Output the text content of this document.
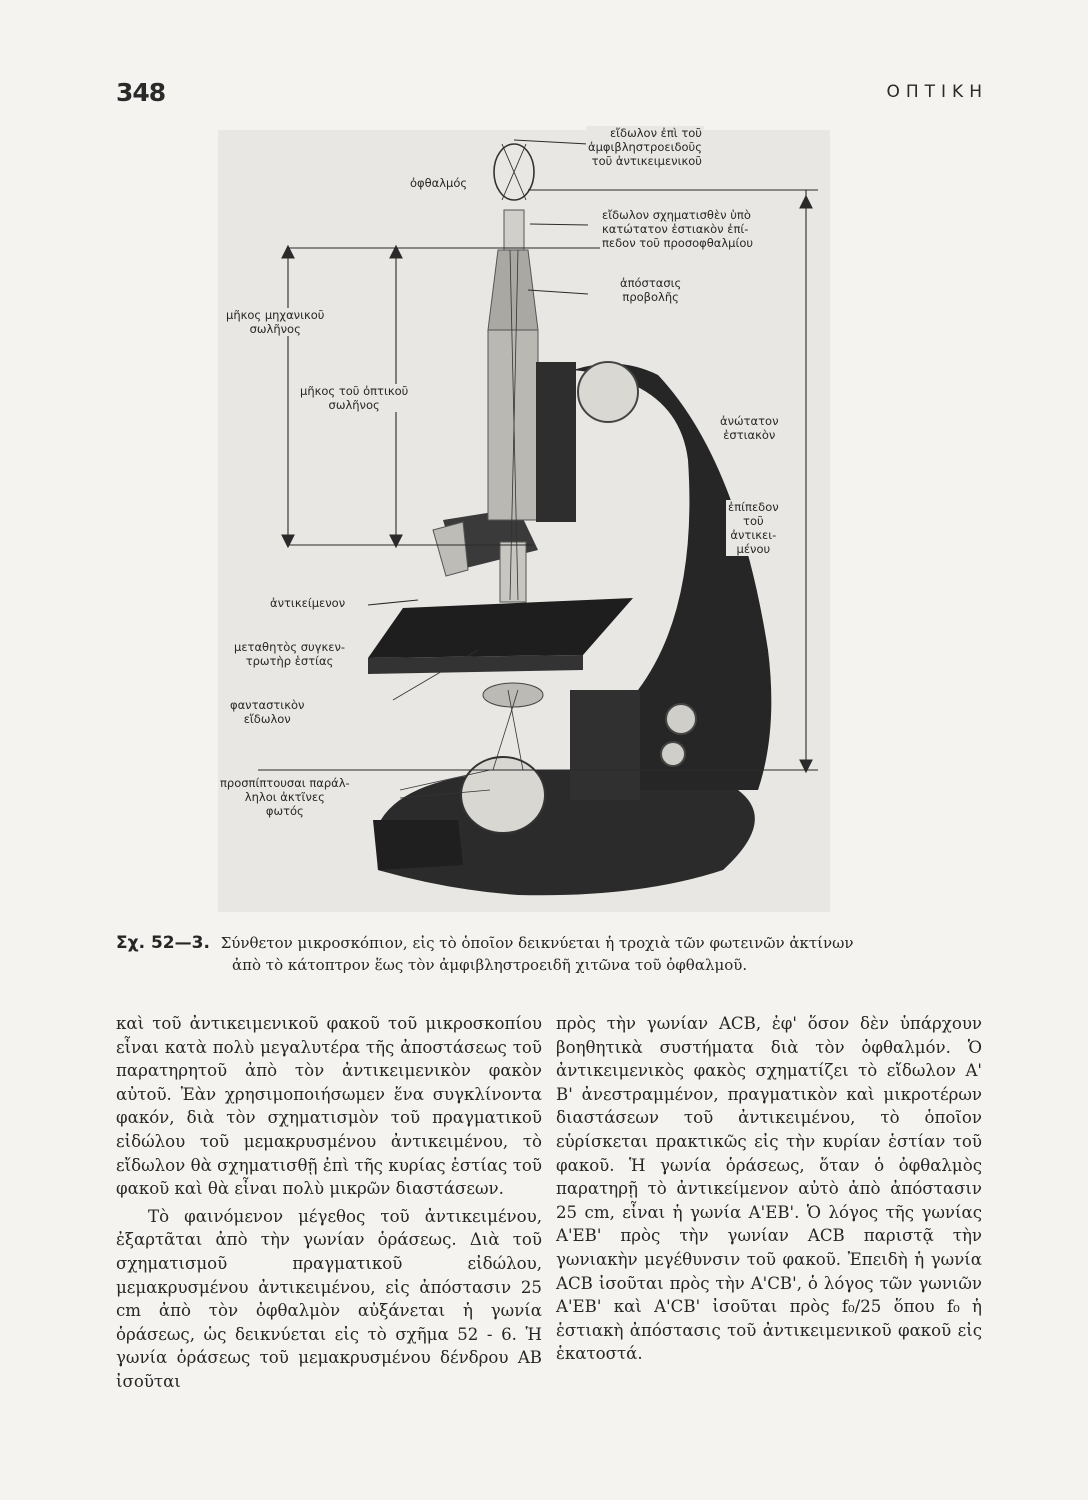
348	ΟΠΤΙΚΗ
εἴδωλον ἐπὶ τοῦ
ἀμφιβληστροειδοῦς
τοῦ ἀντικειμενικοῦ
ὀφθαλμός
εἴδωλον σχηματισθὲν ὑπὸ
κατώτατον ἑστιακὸν ἐπί-
πεδον τοῦ προσοφθαλμίου
ἀπόστασις
προβολῆς
μῆκος μηχανικοῦ
σωλῆνος
μῆκος τοῦ ὀπτικοῦ
σωλῆνος
ἀνώτατον
ἑστιακὸν
ἐπίπεδον
τοῦ
ἀντικει-
μένου
ἀντικείμενον
μεταθητὸς συγκεν-
τρωτὴρ ἑστίας
φανταστικὸν
εἴδωλον
προσπίπτουσαι παράλ-
ληλοι ἀκτῖνες
φωτός
Σχ. 52—3. Σύνθετον μικροσκόπιον, εἰς τὸ ὁποῖον δεικνύεται ἡ τροχιὰ τῶν φωτεινῶν ἀκτίνων
ἀπὸ τὸ κάτοπτρον ἕως τὸν ἀμφιβληστροειδῆ χιτῶνα τοῦ ὀφθαλμοῦ.

καὶ τοῦ ἀντικειμενικοῦ φακοῦ τοῦ μικροσκοπίου εἶναι κατὰ πολὺ μεγαλυτέρα τῆς ἀποστάσεως τοῦ παρατηρητοῦ ἀπὸ τὸν ἀντικειμενικὸν φακὸν αὐτοῦ. Ἐὰν χρησιμοποιήσωμεν ἕνα συγκλίνοντα φακόν, διὰ τὸν σχηματισμὸν τοῦ πραγματικοῦ εἰδώλου τοῦ μεμακρυσμένου ἀντικειμένου, τὸ εἴδωλον θὰ σχηματισθῇ ἐπὶ τῆς κυρίας ἑστίας τοῦ φακοῦ καὶ θὰ εἶναι πολὺ μικρῶν διαστάσεων.

Τὸ φαινόμενον μέγεθος τοῦ ἀντικειμένου, ἐξαρτᾶται ἀπὸ τὴν γωνίαν ὁράσεως. Διὰ τοῦ σχηματισμοῦ πραγματικοῦ εἰδώλου, μεμακρυσμένου ἀντικειμένου, εἰς ἀπόστασιν 25 cm ἀπὸ τὸν ὀφθαλμὸν αὐξάνεται ἡ γωνία ὁράσεως, ὡς δεικνύεται εἰς τὸ σχῆμα 52 - 6. Ἡ γωνία ὁράσεως τοῦ μεμακρυσμένου δένδρου AB ἰσοῦται

πρὸς τὴν γωνίαν ACB, ἐφ' ὅσον δὲν ὑπάρχουν βοηθητικὰ συστήματα διὰ τὸν ὀφθαλμόν. Ὁ ἀντικειμενικὸς φακὸς σχηματίζει τὸ εἴδωλον A' B' ἀνεστραμμένον, πραγματικὸν καὶ μικροτέρων διαστάσεων τοῦ ἀντικειμένου, τὸ ὁποῖον εὑρίσκεται πρακτικῶς εἰς τὴν κυρίαν ἑστίαν τοῦ φακοῦ. Ἡ γωνία ὁράσεως, ὅταν ὁ ὀφθαλμὸς παρατηρῇ τὸ ἀντικείμενον αὐτὸ ἀπὸ ἀπόστασιν 25 cm, εἶναι ἡ γωνία A'EB'. Ὁ λόγος τῆς γωνίας A'EB' πρὸς τὴν γωνίαν ACB παριστᾷ τὴν γωνιακὴν μεγέθυνσιν τοῦ φακοῦ. Ἐπειδὴ ἡ γωνία ACB ἰσοῦται πρὸς τὴν A'CB', ὁ λόγος τῶν γωνιῶν A'EB' καὶ A'CB' ἰσοῦται πρὸς f₀/25 ὅπου f₀ ἡ ἑστιακὴ ἀπόστασις τοῦ ἀντικειμενικοῦ φακοῦ εἰς ἑκατοστά.
